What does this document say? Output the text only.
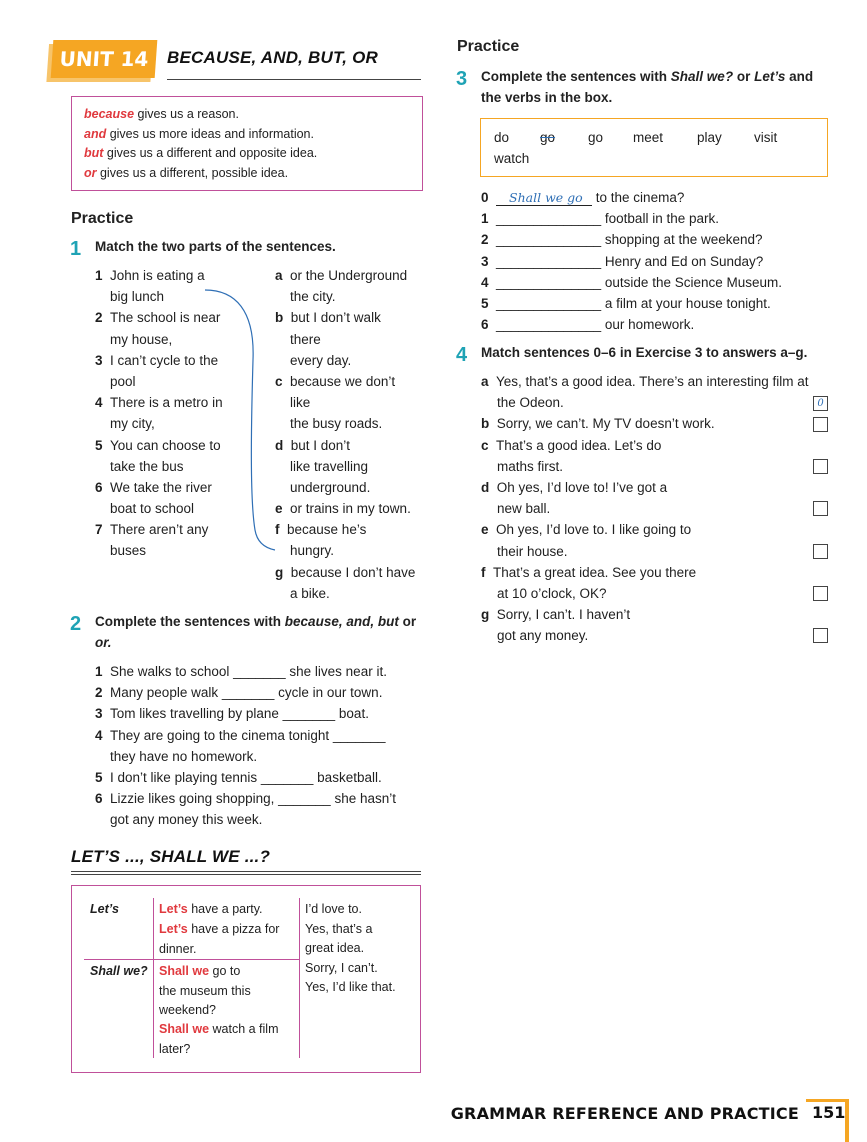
UNIT 14	BECAUSE, AND, BUT, OR
because gives us a reason.
and gives us more ideas and information.
but gives us a different and opposite idea.
or gives us a different, possible idea.
Practice
1 Match the two parts of the sentences.
1 John is eating a
big lunch
2 The school is near
my house,
3 I can’t cycle to the
pool
4 There is a metro in
my city,
5 You can choose to
take the bus
6 We take the river
boat to school
7 There aren’t any
buses
a or the Underground
the city.
b but I don’t walk
there
every day.
c because we don’t
like
the busy roads.
d but I don’t
like travelling
underground.
e or trains in my town.
f because he’s
hungry.
g because I don’t have
a bike.
2 Complete the sentences with because, and, but or
or.
1 She walks to school _______ she lives near it.
2 Many people walk _______ cycle in our town.
3 Tom likes travelling by plane _______ boat.
4 They are going to the cinema tonight _______
they have no homework.
5 I don’t like playing tennis _______ basketball.
6 Lizzie likes going shopping, _______ she hasn’t
got any money this week.
LET’S ..., SHALL WE ...?
Let’s
Shall we?
Let’s have a party.
Let’s have a pizza for
dinner.
Shall we go to
the museum this
weekend?
Shall we watch a film
later?
I’d love to.
Yes, that’s a
great idea.
Sorry, I can’t.
Yes, I’d like that.
Practice
3 Complete the sentences with Shall we? or Let’s and
the verbs in the box.
do go go meet	play visit
watch
0 Shall we go to the cinema?
1 ______________ football in the park.
2 ______________ shopping at the weekend?
3 ______________ Henry and Ed on Sunday?
4 ______________ outside the Science Museum.
5 ______________ a film at your house tonight.
6 ______________ our homework.
4 Match sentences 0–6 in Exercise 3 to answers a–g.
a Yes, that’s a good idea. There’s an interesting film at
the Odeon.
b Sorry, we can’t. My TV doesn’t work.
c That’s a good idea. Let’s do
maths first.
d Oh yes, I’d love to! I’ve got a
new ball.
e Oh yes, I’d love to. I like going to
their house.
f That’s a great idea. See you there
at 10 o’clock, OK?
g Sorry, I can’t. I haven’t
got any money.
0
GRAMMAR REFERENCE AND PRACTICE 151
